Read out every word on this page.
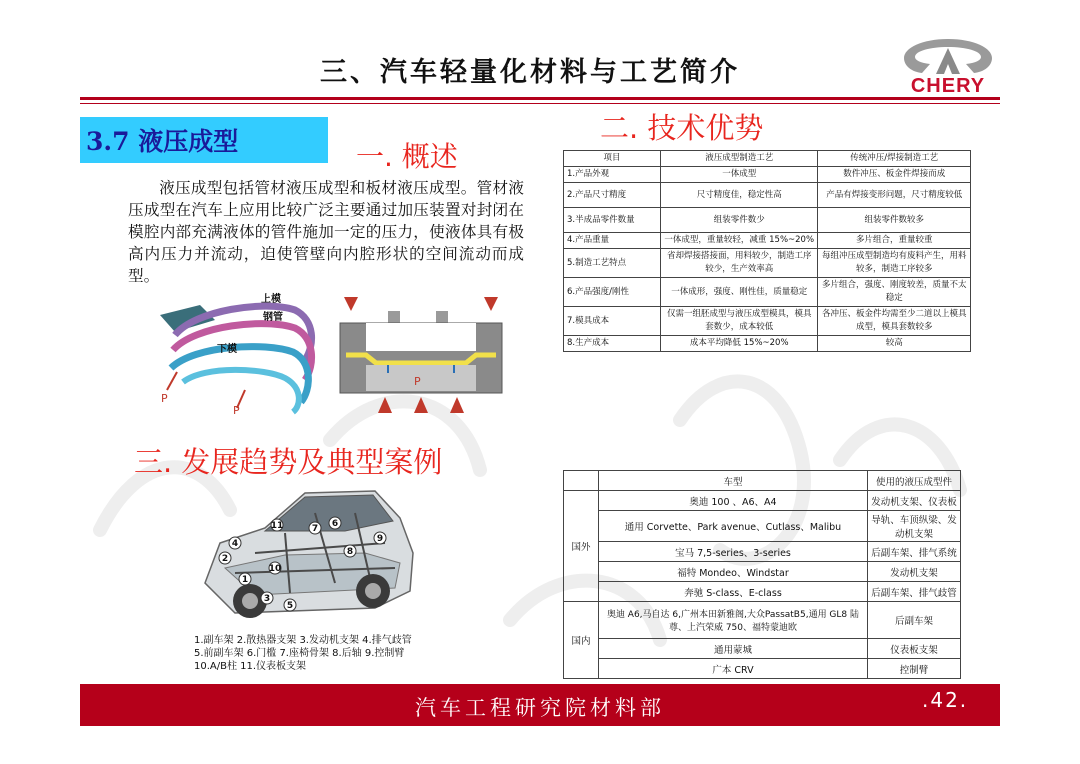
三、汽车轻量化材料与工艺简介	CHERY
3.7 液压成型	一. 概述
二. 技术优势
三. 发展趋势及典型案例
液压成型包括管材液压成型和板材液压成型。管材液压成型在汽车上应用比较广泛主要通过加压装置对封闭在模腔内部充满液体的管件施加一定的压力，使液体具有极高内压力并流动，迫使管壁向内腔形状的空间流动而成型。
上模
钢管
下模
P
P
P
项目	液压成型制造工艺	传统冲压/焊接制造工艺
1.产品外观	一体成型	数件冲压、板金件焊接而成
2.产品尺寸精度	尺寸精度佳，稳定性高	产品有焊接变形问题，尺寸精度较低
3.半成品零件数量	组装零件数少	组装零件数较多
4.产品重量	一体成型，重量较轻，减重 15%~20%	多片组合，重量较重
5.制造工艺特点	省却焊接搭接面，用料较少，制造工序较少，生产效率高	每组冲压成型制造均有废料产生，用料较多，制造工序较多
6.产品强度/刚性	一体成形，强度、刚性佳，质量稳定	多片组合，强度、刚度较差，质量不太稳定
7.模具成本	仅需一组胚成型与液压成型模具，模具套数少，成本较低	各冲压、板金件均需至少二道以上模具成型，模具套数较多
8.生产成本	成本平均降低 15%~20%	较高
11	7 6
8
9
2
4
10
1
3
5
1.副车架 2.散热器支架 3.发动机支架 4.排气歧管
5.前副车架 6.门槛 7.座椅骨架 8.后轴 9.控制臂
10.A/B柱 11.仪表板支架
	车型	使用的液压成型件
国外	奥迪 100 、A6、A4	发动机支架、仪表板
	通用 Corvette、Park avenue、Cutlass、Malibu	导轨、车顶纵梁、发动机支架
	宝马 7,5-series、3-series	后副车架、排气系统
	福特 Mondeo、Windstar	发动机支架
	奔驰 S-class、E-class	后副车架、排气歧管
国内	奥迪 A6,马自达 6,广州本田新雅阁,大众PassatB5,通用 GL8 陆尊、上汽荣威 750、福特蒙迪欧	后副车架
	通用蒙城	仪表板支架
	广本 CRV	控制臂
汽车工程研究院材料部	.42.
